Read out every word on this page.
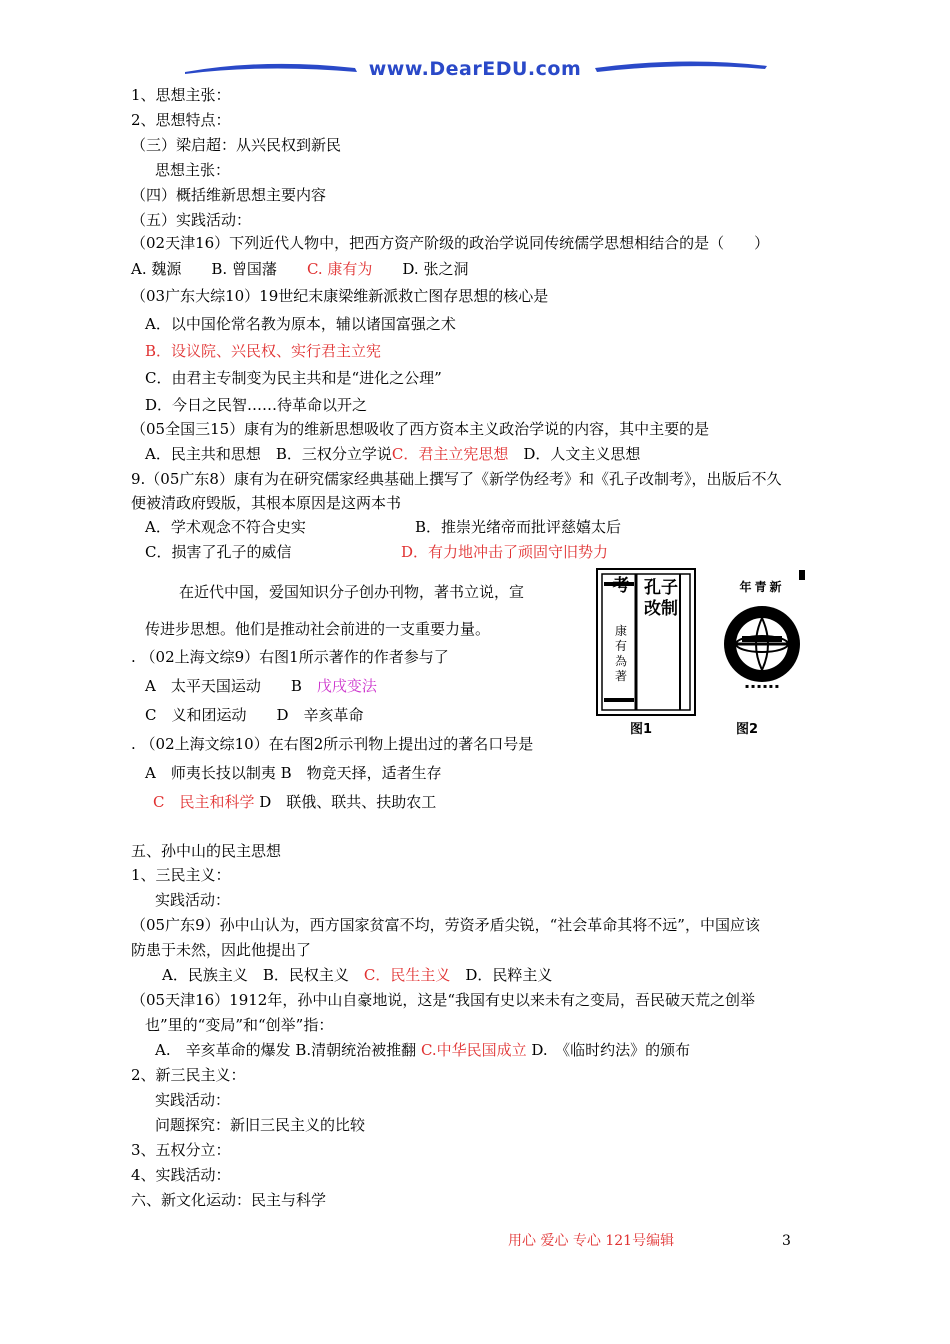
www.DearEDU.com
1、思想主张：
2、思想特点：
（三）梁启超：从兴民权到新民
思想主张：
（四）概括维新思想主要内容
（五）实践活动：
（02天津16）下列近代人物中，把西方资产阶级的政治学说同传统儒学思想相结合的是（　　）
A. 魏源　　B. 曾国藩　　C. 康有为　　D. 张之洞
（03广东大综10）19世纪末康梁维新派救亡图存思想的核心是
A．以中国伦常名教为原本，辅以诸国富强之术
B．设议院、兴民权、实行君主立宪
C．由君主专制变为民主共和是“进化之公理”
D．今日之民智……待革命以开之
（05全国三15）康有为的维新思想吸收了西方资本主义政治学说的内容，其中主要的是
A．民主共和思想　B．三权分立学说C．君主立宪思想　D．人文主义思想
9.（05广东8）康有为在研究儒家经典基础上撰写了《新学伪经考》和《孔子改制考》，出版后不久
便被清政府毁版，其根本原因是这两本书
A．学术观念不符合史实	B．推崇光绪帝而批评慈嬉太后
C．损害了孔子的威信	D．有力地冲击了顽固守旧势力
在近代中国，爱国知识分子创办刊物，著书立说，宣
传进步思想。他们是推动社会前进的一支重要力量。
. （02上海文综9）右图1所示著作的作者参与了
A　太平天国运动　　B　戊戌变法
C　义和团运动　　D　辛亥革命
. （02上海文综10）在右图2所示刊物上提出过的著名口号是
A　师夷长技以制夷 B　物竞天择，适者生存
C　民主和科学 D　联俄、联共、扶助农工
五、孙中山的民主思想
1、三民主义：
实践活动：
（05广东9）孙中山认为，西方国家贫富不均，劳资矛盾尖锐，“社会革命其将不远”，中国应该
防患于未然，因此他提出了
A．民族主义　B．民权主义　C．民生主义　D．民粹主义
（05天津16）1912年，孙中山自豪地说，这是“我国有史以来未有之变局，吾民破天荒之创举
也”里的“变局”和“创举”指：
A.　辛亥革命的爆发 B.清朝统治被推翻 C.中华民国成立 D.　《临时约法》的颁布
2、新三民主义：
实践活动：
问题探究：新旧三民主义的比较
3、五权分立：
4、实践活动：
六、新文化运动：民主与科学
孔子改制
考
康有為著
年青新
▪ ▪ ▪ ▪ ▪ ▪
图1	图2
用心 爱心 专心 121号编辑	3
